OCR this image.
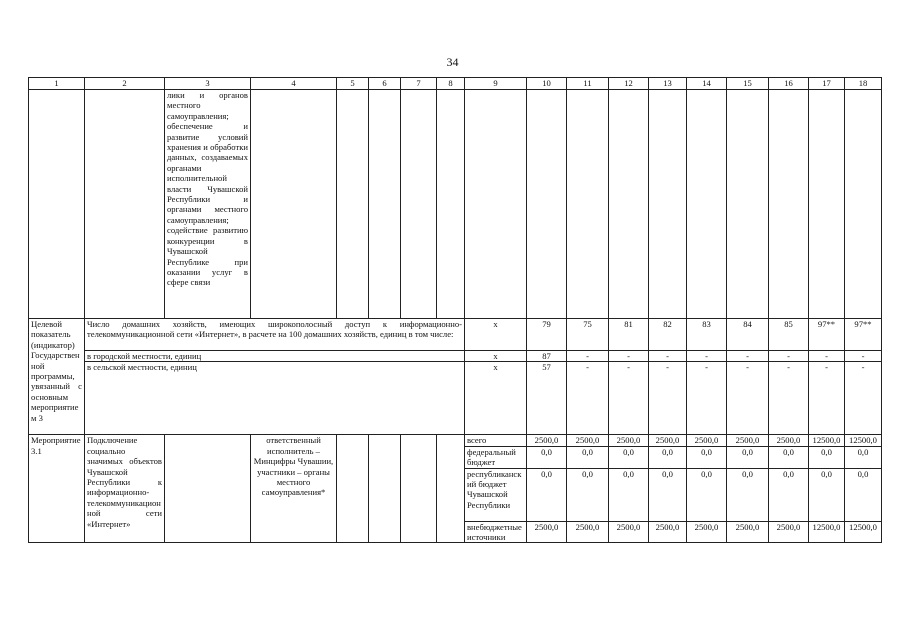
34
1	2	3	4	5	6	7	8	9	10	11	12	13	14	15	16	17	18
		лики и органов местного самоуправления; обеспечение и развитие условий хранения и обработки данных, создаваемых органами исполнительной власти Чувашской Республики и органами местного самоуправления; содействие развитию конкуренции в Чувашской Республике при оказании услуг в сфере связи															
Целевой показатель (индикатор) Государственной программы, увязанный с основным мероприятием 3	Число домашних хозяйств, имеющих широкополосный доступ к информационно-телекоммуникационной сети «Интернет», в расчете на 100 домашних хозяйств, единиц в том числе:							х	79	75	81	82	83	84	85	97**	97**
	в городской местности, единиц							х	87	-	-	-	-	-	-	-	-
	в сельской местности, единиц							х	57	-	-	-	-	-	-	-	-
Мероприятие 3.1	Подключение социально значимых объектов Чувашской Республики к информационно-телекоммуникационной сети «Интернет»		ответственный исполнитель – Минцифры Чувашии, участники – органы местного самоуправления*					всего	2500,0	2500,0	2500,0	2500,0	2500,0	2500,0	2500,0	12500,0	12500,0
								федеральный бюджет	0,0	0,0	0,0	0,0	0,0	0,0	0,0	0,0	0,0
								республиканский бюджет Чувашской Республики	0,0	0,0	0,0	0,0	0,0	0,0	0,0	0,0	0,0
								внебюджетные источники	2500,0	2500,0	2500,0	2500,0	2500,0	2500,0	2500,0	12500,0	12500,0
